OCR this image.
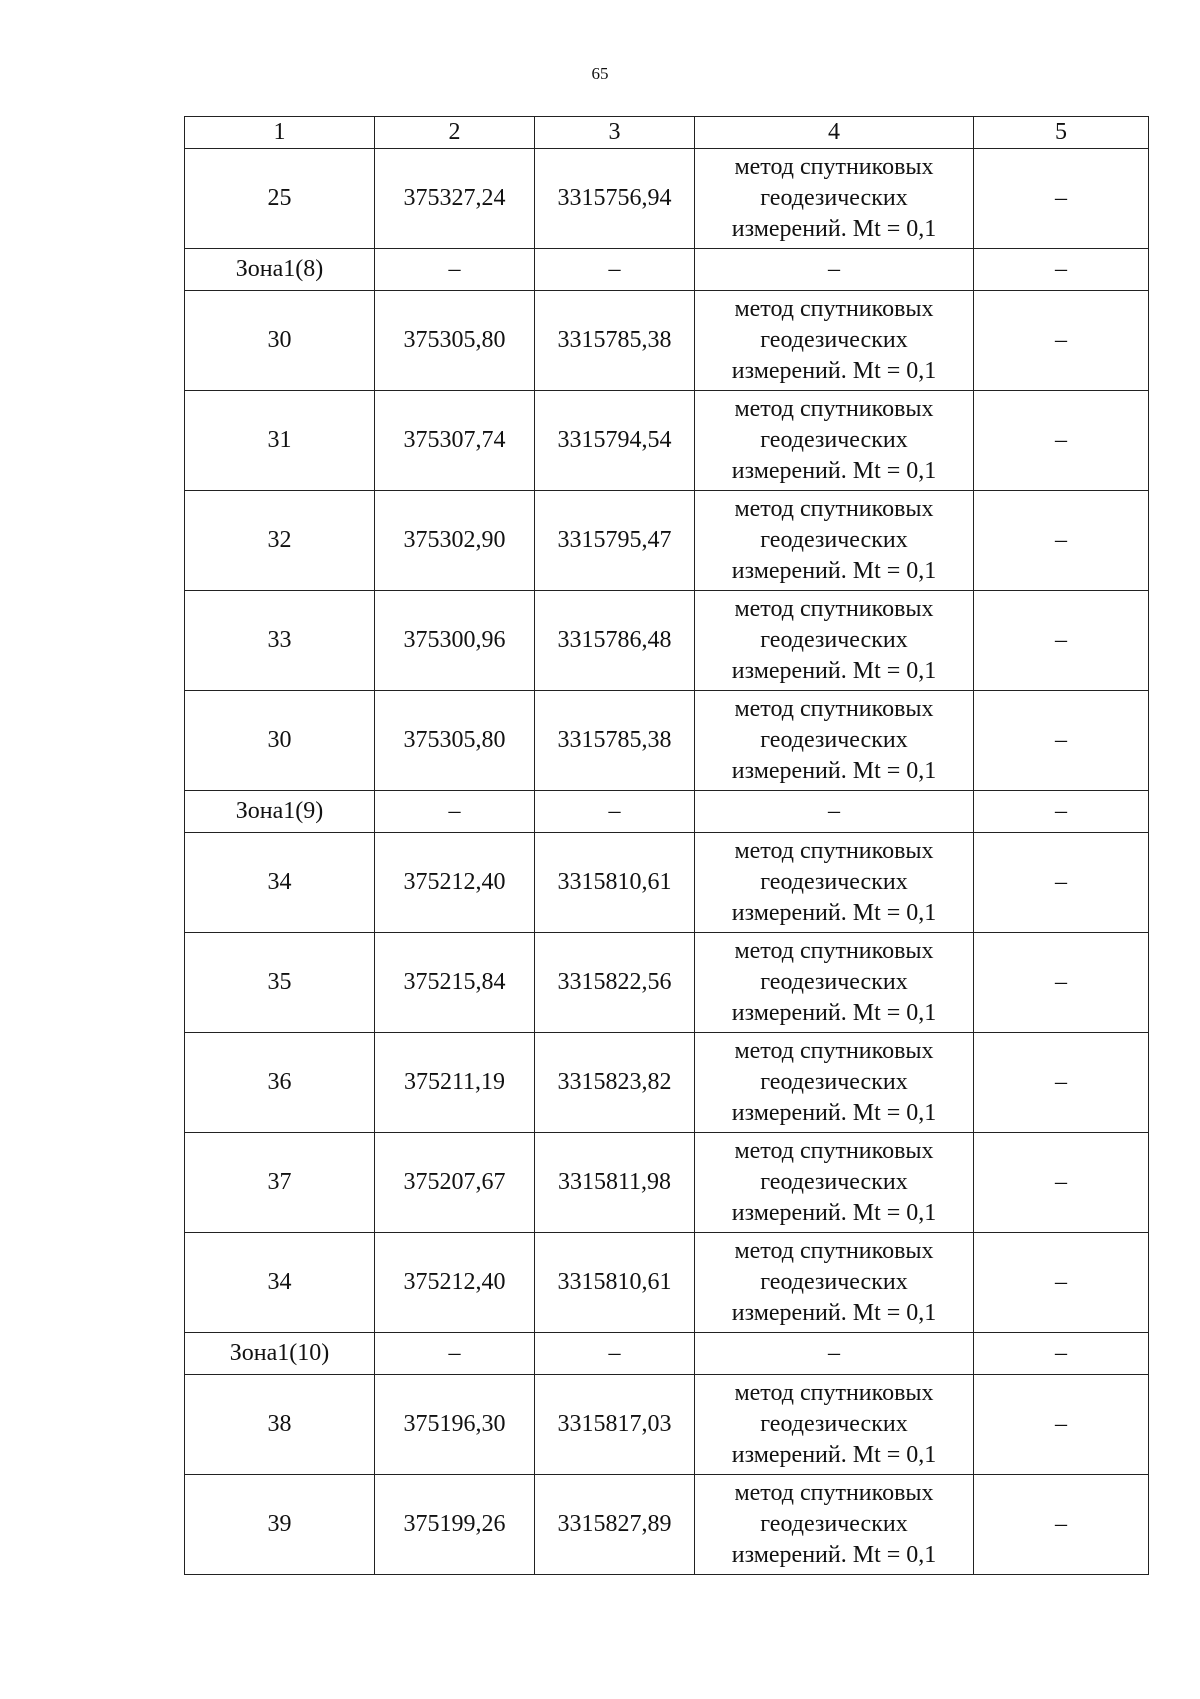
65
1	2	3	4	5
25	375327,24	3315756,94	метод спутниковых
геодезических
измерений. Mt = 0,1	–
Зона1(8)	–	–	–	–
30	375305,80	3315785,38	метод спутниковых
геодезических
измерений. Mt = 0,1	–
31	375307,74	3315794,54	метод спутниковых
геодезических
измерений. Mt = 0,1	–
32	375302,90	3315795,47	метод спутниковых
геодезических
измерений. Mt = 0,1	–
33	375300,96	3315786,48	метод спутниковых
геодезических
измерений. Mt = 0,1	–
30	375305,80	3315785,38	метод спутниковых
геодезических
измерений. Mt = 0,1	–
Зона1(9)	–	–	–	–
34	375212,40	3315810,61	метод спутниковых
геодезических
измерений. Mt = 0,1	–
35	375215,84	3315822,56	метод спутниковых
геодезических
измерений. Mt = 0,1	–
36	375211,19	3315823,82	метод спутниковых
геодезических
измерений. Mt = 0,1	–
37	375207,67	3315811,98	метод спутниковых
геодезических
измерений. Mt = 0,1	–
34	375212,40	3315810,61	метод спутниковых
геодезических
измерений. Mt = 0,1	–
Зона1(10)	–	–	–	–
38	375196,30	3315817,03	метод спутниковых
геодезических
измерений. Mt = 0,1	–
39	375199,26	3315827,89	метод спутниковых
геодезических
измерений. Mt = 0,1	–
